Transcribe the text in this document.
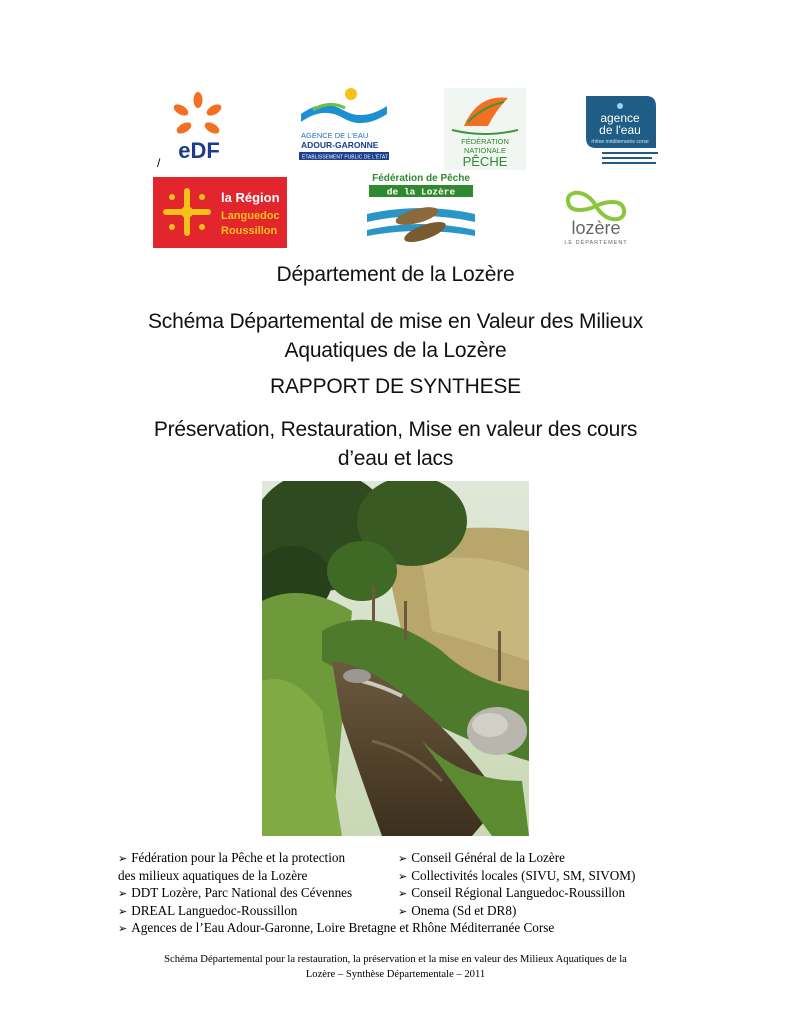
eDF
/
AGENCE DE L'EAU
ADOUR-GARONNE
ÉTABLISSEMENT PUBLIC DE L'ÉTAT
FÉDÉRATION
NATIONALE
PÊCHE
agence
de l'eau
rhône méditerranée corse
la Région
Languedoc
Roussillon
Fédération de Pêche
de la Lozère
lozère
LE DÉPARTEMENT
Département de la Lozère
Schéma Départemental de mise en Valeur des Milieux
Aquatiques de la Lozère
RAPPORT DE SYNTHESE
Préservation, Restauration, Mise en valeur des cours
d’eau et lacs
➢ Fédération pour la Pêche et la protection	➢ Conseil Général de la Lozère
des milieux aquatiques de la Lozère	➢ Collectivités locales (SIVU, SM, SIVOM)
➢ DDT Lozère, Parc National des Cévennes	➢ Conseil Régional Languedoc-Roussillon
➢ DREAL Languedoc-Roussillon	➢ Onema (Sd et DR8)
➢ Agences de l’Eau Adour-Garonne, Loire Bretagne et Rhône Méditerranée Corse
Schéma Départemental pour la restauration, la préservation et la mise en valeur des Milieux Aquatiques de la
Lozère – Synthèse Départementale – 2011
